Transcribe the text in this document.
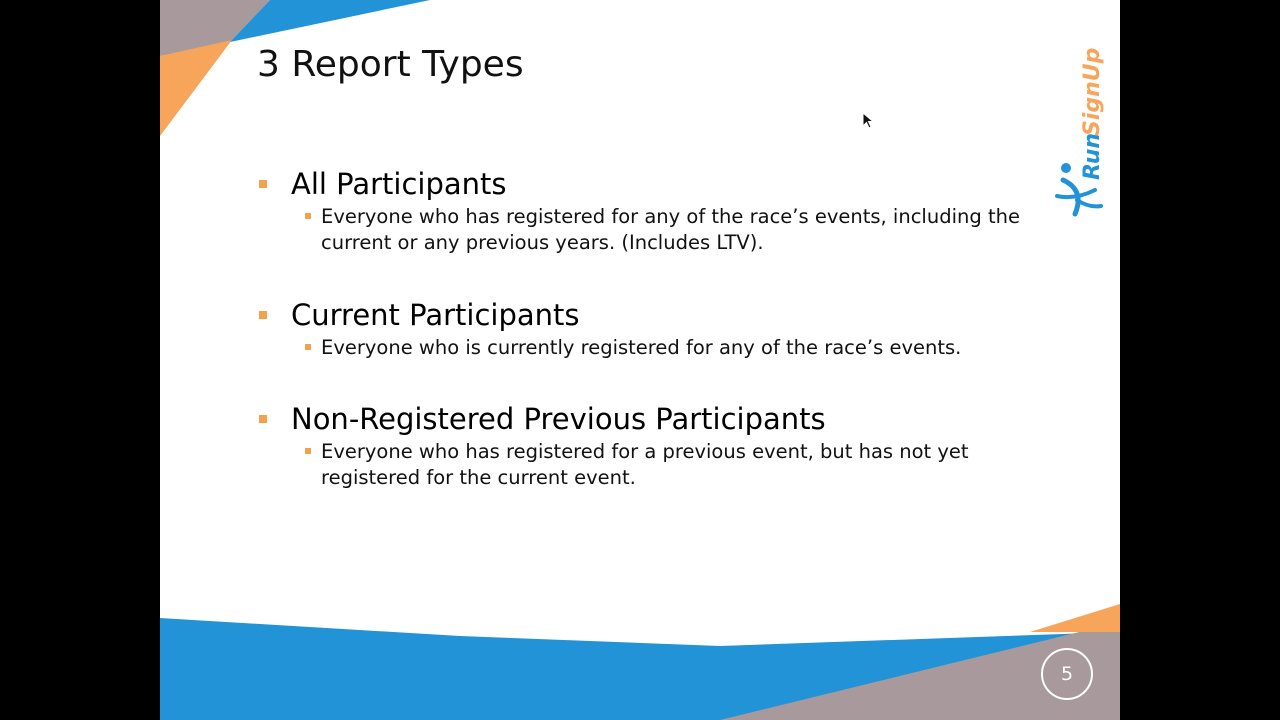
3 Report Types
All Participants
Everyone who has registered for any of the race’s events, including the current or any previous years. (Includes LTV).
Current Participants
Everyone who is currently registered for any of the race’s events.
Non-Registered Previous Participants
Everyone who has registered for a previous event, but has not yet registered for the current event.
Run
SignUp
5
